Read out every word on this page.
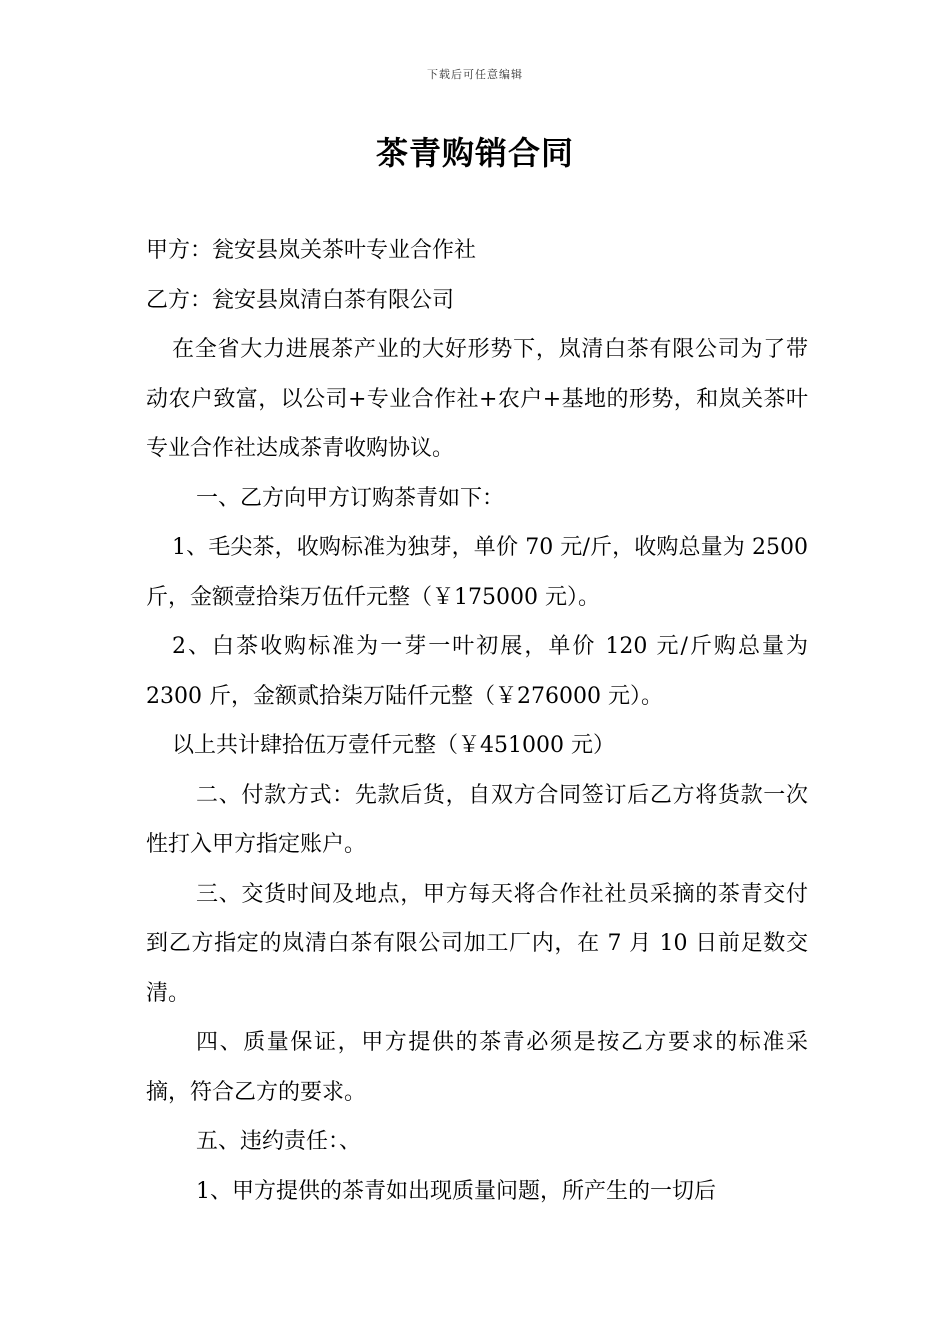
下载后可任意编辑
茶青购销合同

甲方：瓮安县岚关茶叶专业合作社

乙方：瓮安县岚清白茶有限公司

在全省大力进展茶产业的大好形势下，岚清白茶有限公司为了带动农户致富，以公司+专业合作社+农户+基地的形势，和岚关茶叶专业合作社达成茶青收购协议。

一、乙方向甲方订购茶青如下：

1、毛尖茶，收购标准为独芽，单价 70 元/斤，收购总量为 2500 斤，金额壹拾柒万伍仟元整（￥175000 元）。

2、白茶收购标准为一芽一叶初展，单价 120 元/斤购总量为 2300 斤，金额贰拾柒万陆仟元整（￥276000 元）。

以上共计肆拾伍万壹仟元整（￥451000 元）

二、付款方式：先款后货，自双方合同签订后乙方将货款一次性打入甲方指定账户。

三、交货时间及地点，甲方每天将合作社社员采摘的茶青交付到乙方指定的岚清白茶有限公司加工厂内，在 7 月 10 日前足数交清。

四、质量保证，甲方提供的茶青必须是按乙方要求的标准采摘，符合乙方的要求。

五、违约责任：、

1、甲方提供的茶青如出现质量问题，所产生的一切后
